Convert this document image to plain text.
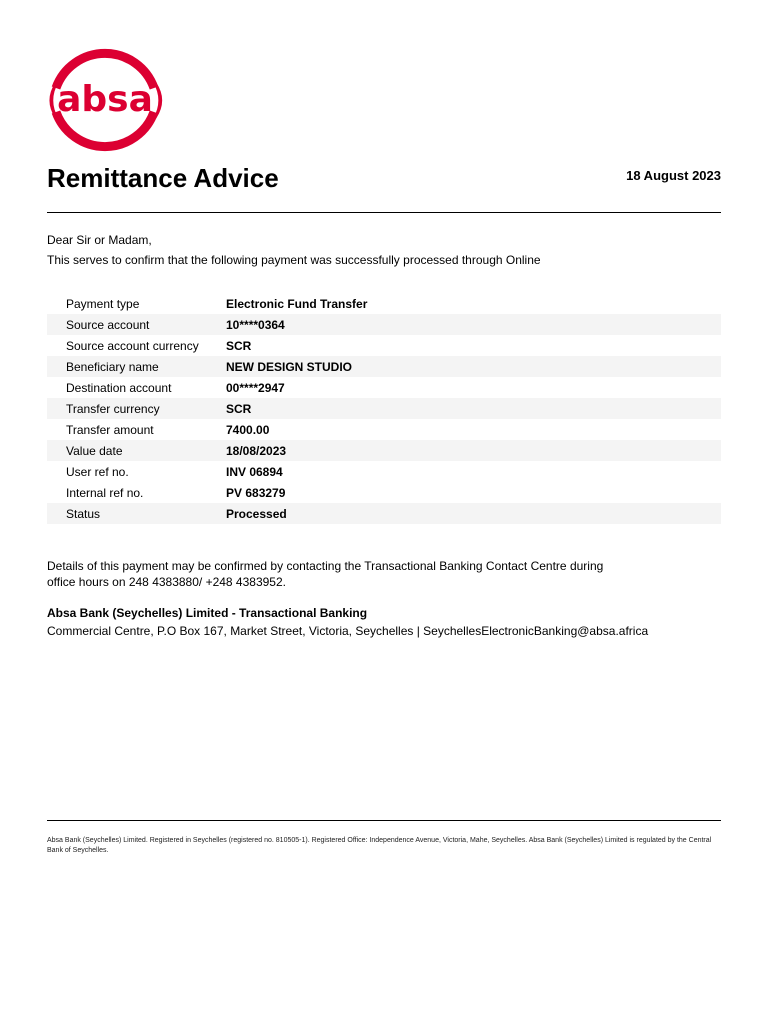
absa
( )
Remittance Advice	18 August 2023
Dear Sir or Madam,
This serves to confirm that the following payment was successfully processed through Online
Payment type	Electronic Fund Transfer
Source account	10****0364
Source account currency	SCR
Beneficiary name	NEW DESIGN STUDIO
Destination account	00****2947
Transfer currency	SCR
Transfer amount	7400.00
Value date	18/08/2023
User ref no.	INV 06894
Internal ref no.	PV 683279
Status	Processed
Details of this payment may be confirmed by contacting the Transactional Banking Contact Centre during
office hours on 248 4383880/ +248 4383952.
Absa Bank (Seychelles) Limited - Transactional Banking
Commercial Centre, P.O Box 167, Market Street, Victoria, Seychelles | SeychellesElectronicBanking@absa.africa
Absa Bank (Seychelles) Limited. Registered in Seychelles (registered no. 810505-1). Registered Office: Independence Avenue, Victoria, Mahe, Seychelles. Absa Bank (Seychelles) Limited is regulated by the Central Bank of Seychelles.
